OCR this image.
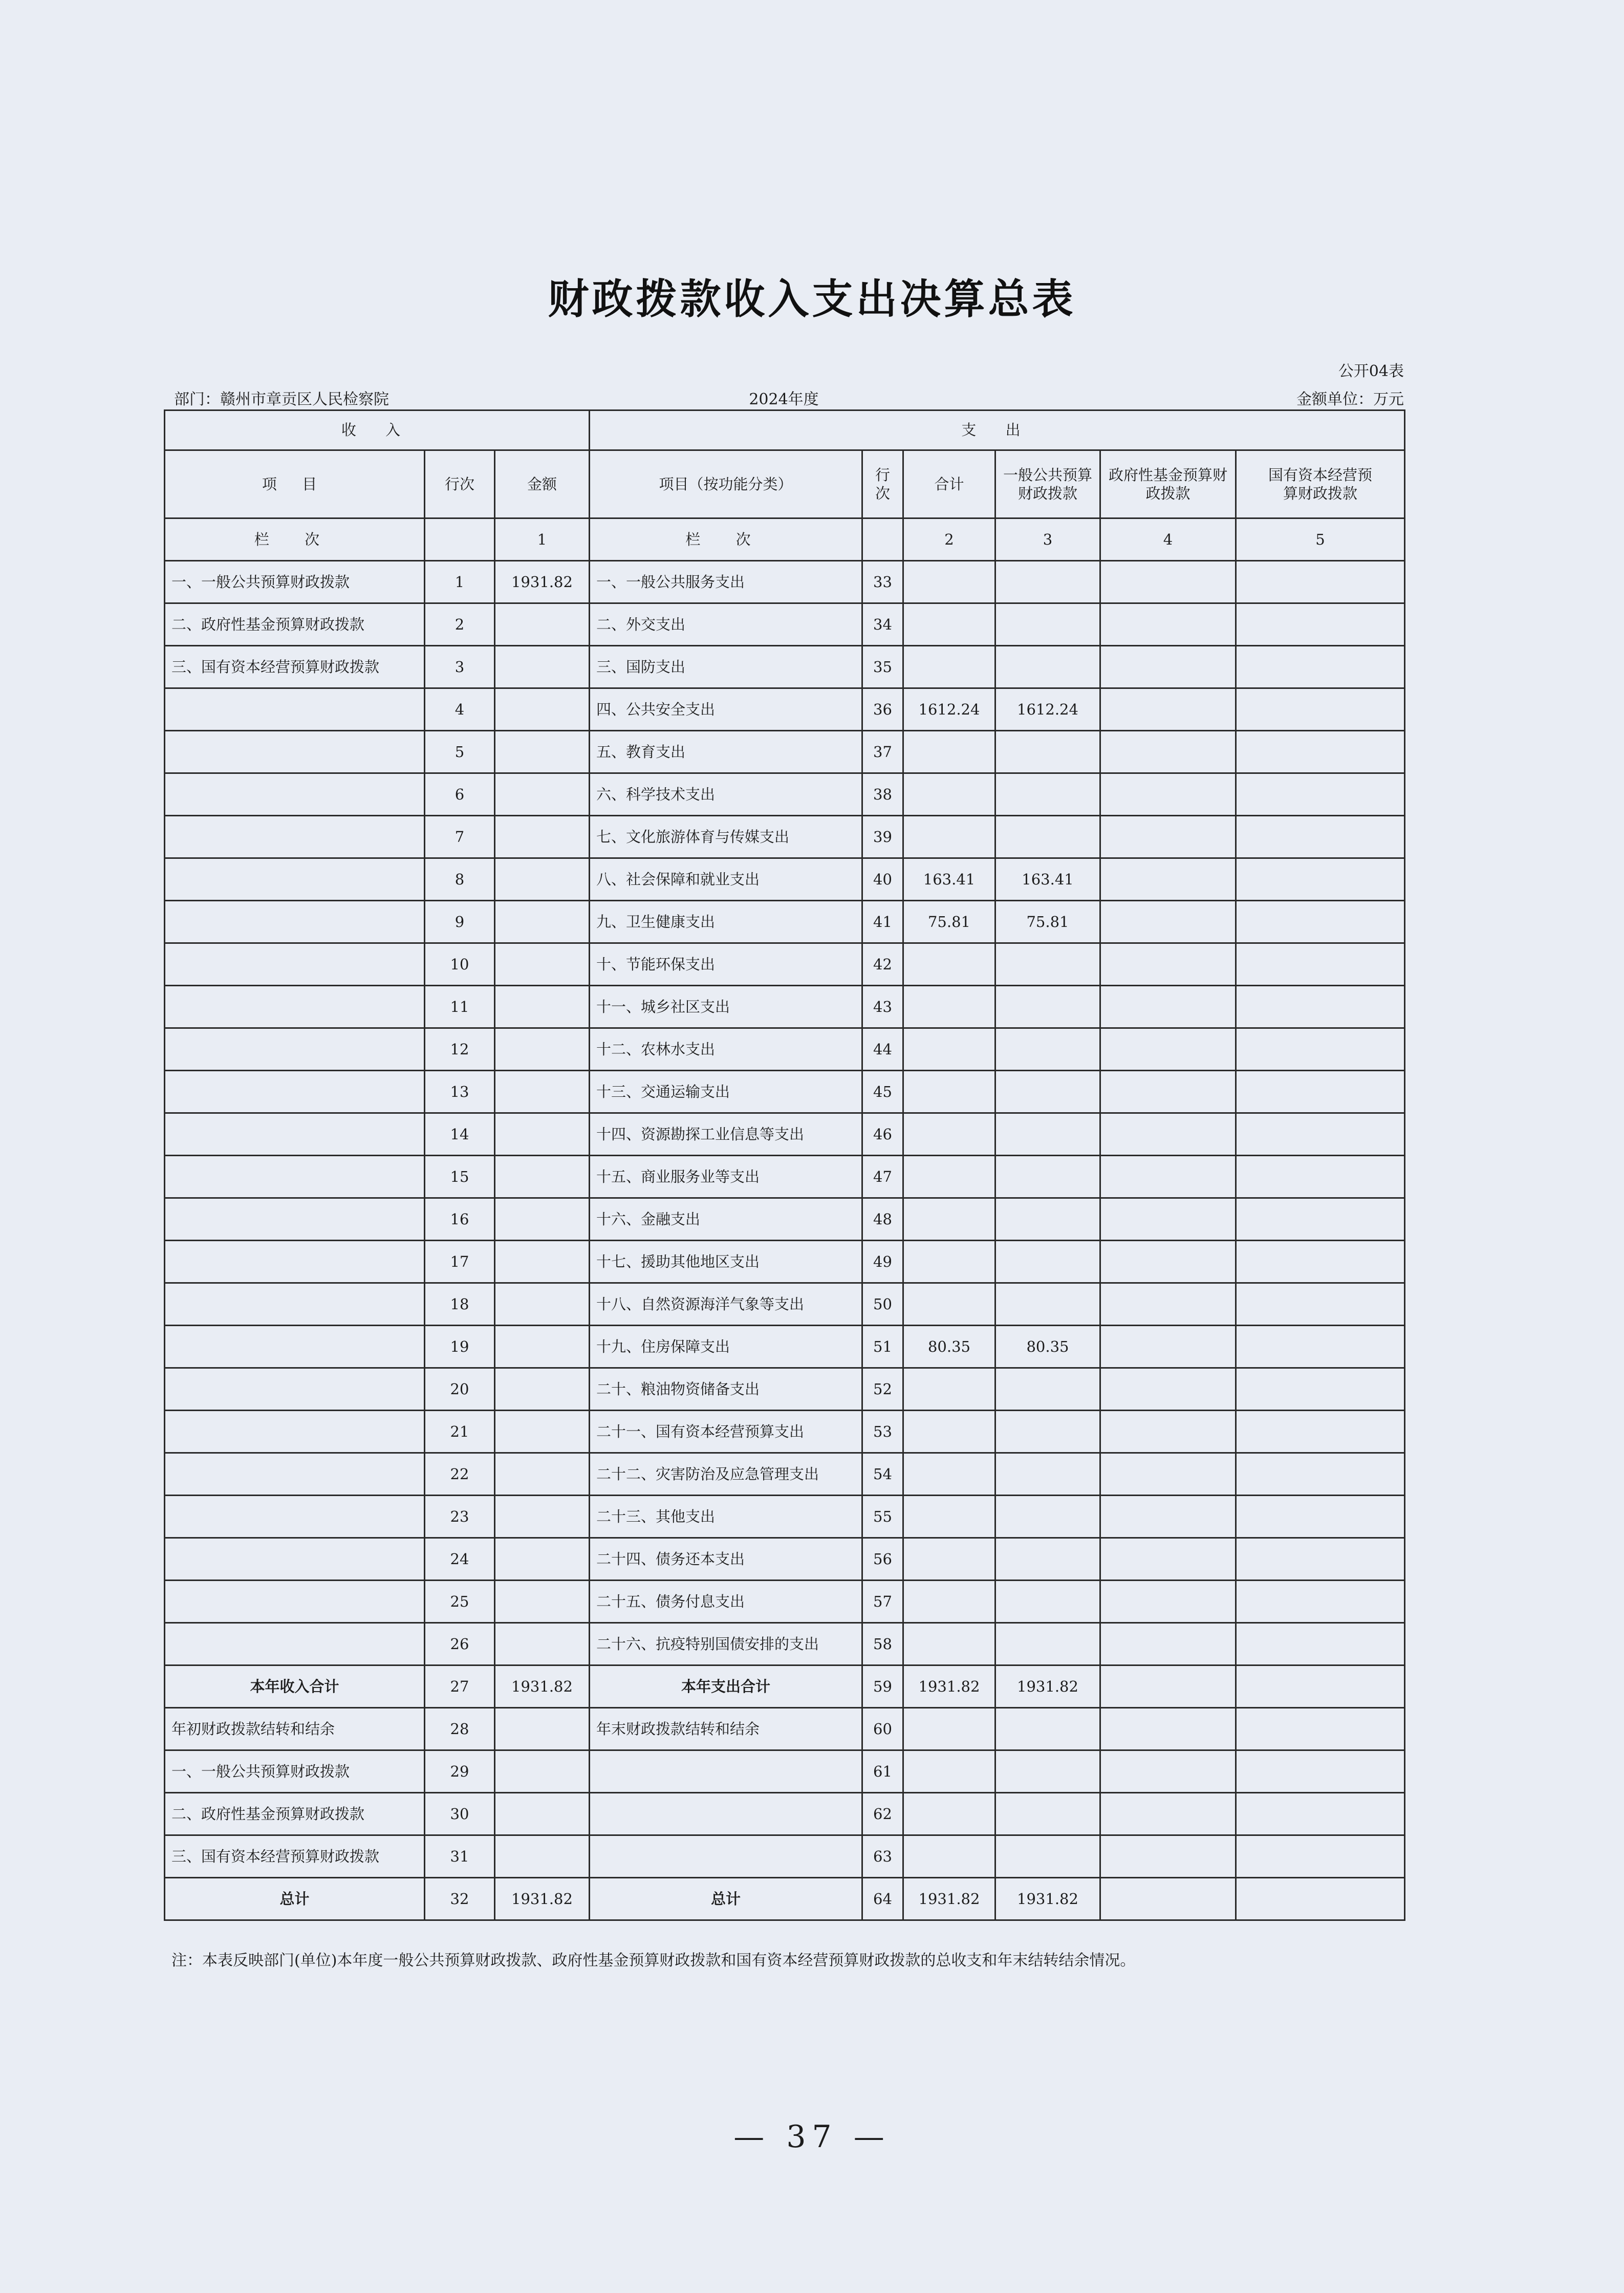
财政拨款收入支出决算总表
公开04表
部门：赣州市章贡区人民检察院	2024年度	金额单位：万元
收 入			支 出					
项 目	行次	金额	项目（按功能分类）	行次	合计	一般公共预算财政拨款	政府性基金预算财政拨款	国有资本经营预算财政拨款
栏 次		1	栏 次		2	3	4	5
一、一般公共预算财政拨款	1	1931.82	一、一般公共服务支出	33				
二、政府性基金预算财政拨款	2		二、外交支出	34				
三、国有资本经营预算财政拨款	3		三、国防支出	35				
	4		四、公共安全支出	36	1612.24	1612.24		
	5		五、教育支出	37				
	6		六、科学技术支出	38				
	7		七、文化旅游体育与传媒支出	39				
	8		八、社会保障和就业支出	40	163.41	163.41		
	9		九、卫生健康支出	41	75.81	75.81		
	10		十、节能环保支出	42				
	11		十一、城乡社区支出	43				
	12		十二、农林水支出	44				
	13		十三、交通运输支出	45				
	14		十四、资源勘探工业信息等支出	46				
	15		十五、商业服务业等支出	47				
	16		十六、金融支出	48				
	17		十七、援助其他地区支出	49				
	18		十八、自然资源海洋气象等支出	50				
	19		十九、住房保障支出	51	80.35	80.35		
	20		二十、粮油物资储备支出	52				
	21		二十一、国有资本经营预算支出	53				
	22		二十二、灾害防治及应急管理支出	54				
	23		二十三、其他支出	55				
	24		二十四、债务还本支出	56				
	25		二十五、债务付息支出	57				
	26		二十六、抗疫特别国债安排的支出	58				
本年收入合计	27	1931.82	本年支出合计	59	1931.82	1931.82		
年初财政拨款结转和结余	28		年末财政拨款结转和结余	60				
一、一般公共预算财政拨款	29			61				
二、政府性基金预算财政拨款	30			62				
三、国有资本经营预算财政拨款	31			63				
总计	32	1931.82	总计	64	1931.82	1931.82		
注：本表反映部门(单位)本年度一般公共预算财政拨款、政府性基金预算财政拨款和国有资本经营预算财政拨款的总收支和年末结转结余情况。
— 37 —
